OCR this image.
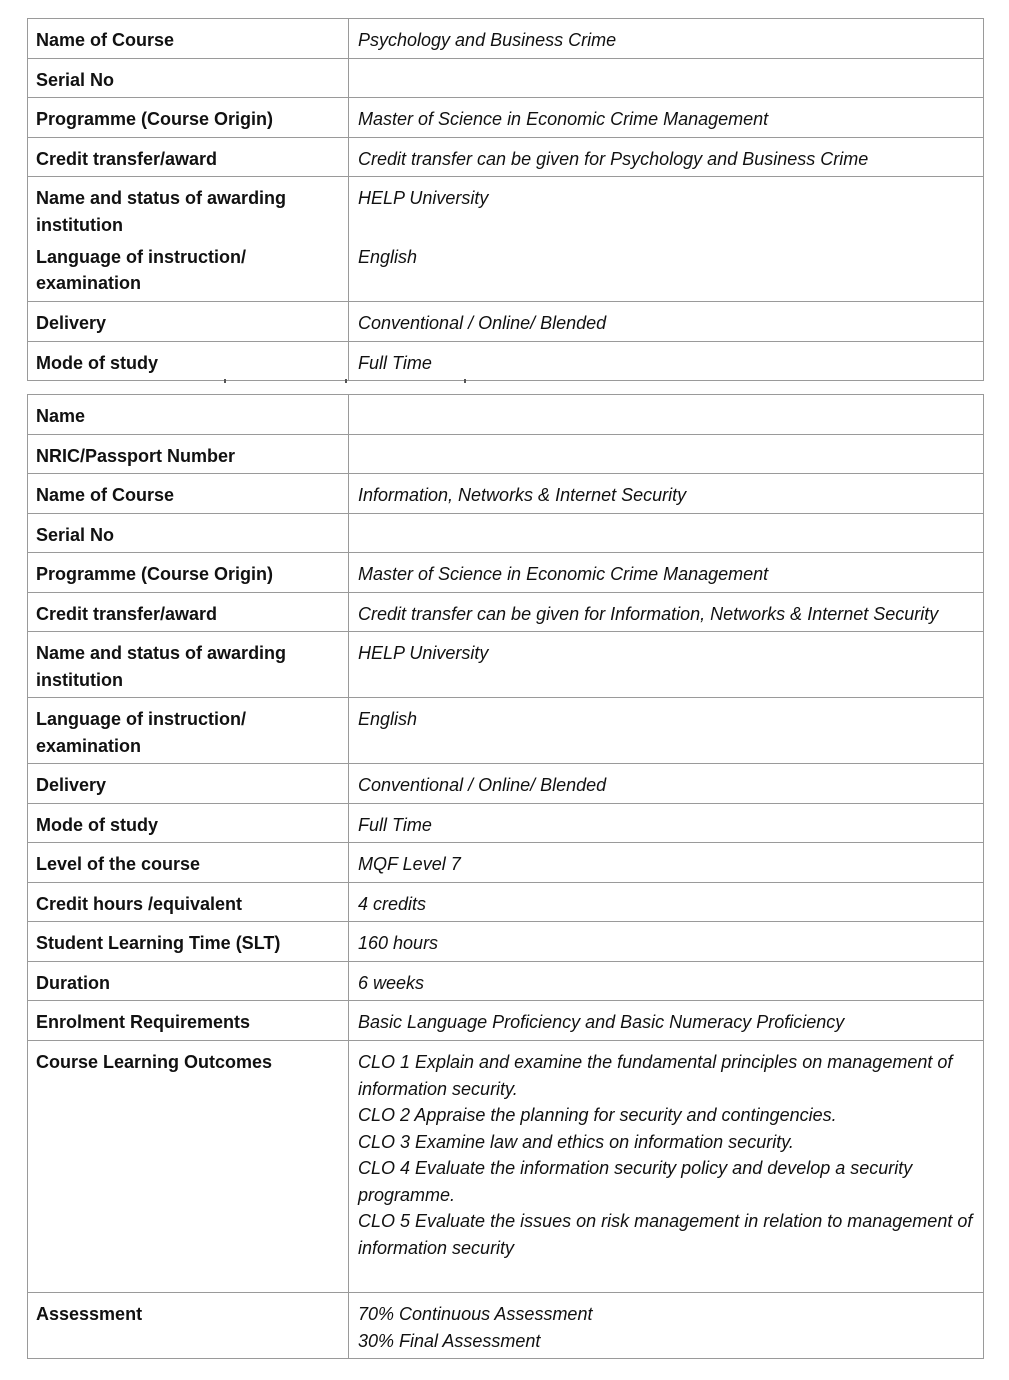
Name of Course	Psychology and Business Crime

Serial No	

Programme (Course Origin)	Master of Science in Economic Crime Management

Credit transfer/award	Credit transfer can be given for Psychology and Business Crime

Name and status of awarding institution	HELP University

Language of instruction/ examination	English

Delivery	Conventional / Online/ Blended

Mode of study	Full Time
Name	

NRIC/Passport Number	

Name of Course	Information, Networks & Internet Security

Serial No	

Programme (Course Origin)	Master of Science in Economic Crime Management

Credit transfer/award	Credit transfer can be given for Information, Networks & Internet Security

Name and status of awarding institution	HELP University

Language of instruction/ examination	English

Delivery	Conventional / Online/ Blended

Mode of study	Full Time

Level of the course	MQF Level 7

Credit hours /equivalent	4 credits

Student Learning Time (SLT)	160 hours

Duration	6 weeks

Enrolment Requirements	Basic Language Proficiency and Basic Numeracy Proficiency

Course Learning Outcomes	CLO 1 Explain and examine the fundamental principles on management of information security.
CLO 2 Appraise the planning for security and contingencies.
CLO 3 Examine law and ethics on information security.
CLO 4 Evaluate the information security policy and develop a security programme.
CLO 5 Evaluate the issues on risk management in relation to management of information security

Assessment	70% Continuous Assessment
30% Final Assessment
